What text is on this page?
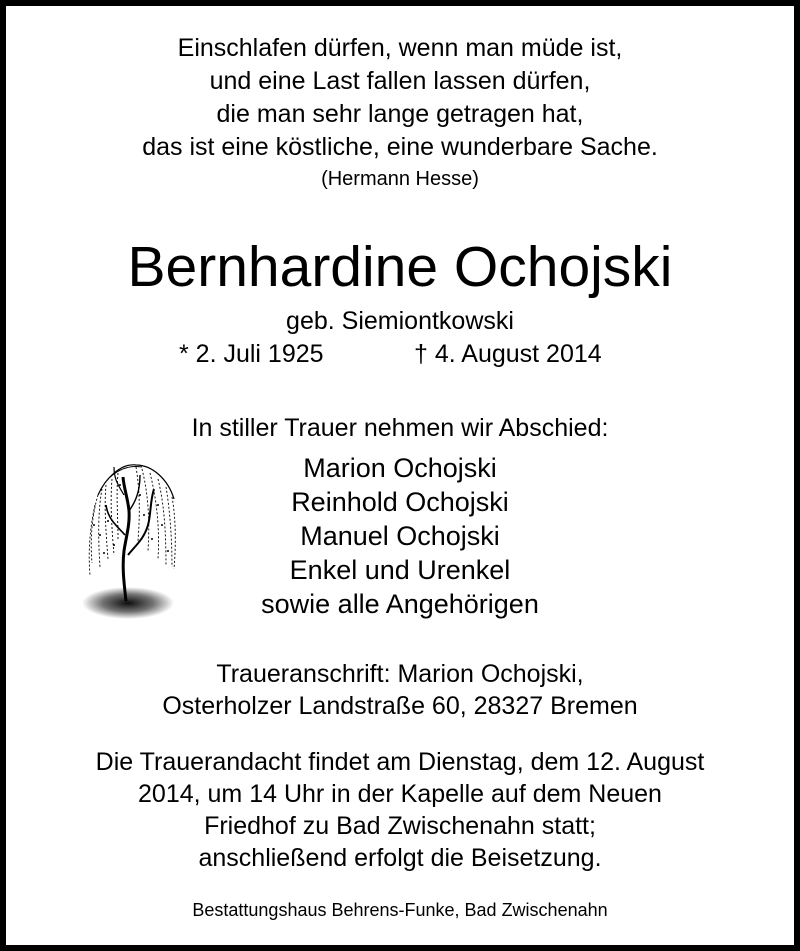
Einschlafen dürfen, wenn man müde ist,
und eine Last fallen lassen dürfen,
die man sehr lange getragen hat,
das ist eine köstliche, eine wunderbare Sache.
(Hermann Hesse)
Bernhardine Ochojski
geb. Siemiontkowski
* 2. Juli 1925	† 4. August 2014
In stiller Trauer nehmen wir Abschied:
Marion Ochojski
Reinhold Ochojski
Manuel Ochojski
Enkel und Urenkel
sowie alle Angehörigen
Traueranschrift: Marion Ochojski,
Osterholzer Landstraße 60, 28327 Bremen
Die Trauerandacht findet am Dienstag, dem 12. August
2014, um 14 Uhr in der Kapelle auf dem Neuen
Friedhof zu Bad Zwischenahn statt;
anschließend erfolgt die Beisetzung.
Bestattungshaus Behrens-Funke, Bad Zwischenahn
